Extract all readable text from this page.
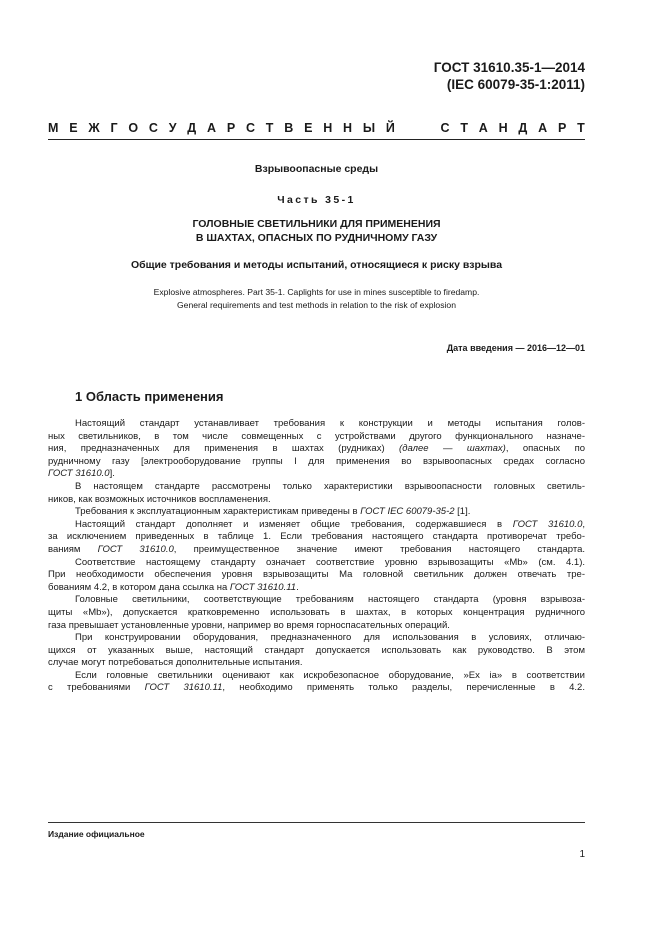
ГОСТ 31610.35-1—2014
(IEC 60079-35-1:2011)
М Е Ж Г О С У Д А Р С Т В Е Н Н Ы Й	С Т А Н Д А Р Т
Взрывоопасные среды
Часть 35-1
ГОЛОВНЫЕ СВЕТИЛЬНИКИ ДЛЯ ПРИМЕНЕНИЯ
В ШАХТАХ, ОПАСНЫХ ПО РУДНИЧНОМУ ГАЗУ
Общие требования и методы испытаний, относящиеся к риску взрыва
Explosive atmospheres. Part 35-1. Caplights for use in mines susceptible to firedamp.
General requirements and test methods in relation to the risk of explosion
Дата введения — 2016—12—01
1 Область применения
Настоящий стандарт устанавливает требования к конструкции и методы испытания голов-
ных светильников, в том числе совмещенных с устройствами другого функционального назначе-
ния, предназначенных для применения в шахтах (рудниках) (далее — шахтах), опасных по
рудничному газу [электрооборудование группы I для применения во взрывоопасных средах согласно
ГОСТ 31610.0].
В настоящем стандарте рассмотрены только характеристики взрывоопасности головных светиль-
ников, как возможных источников воспламенения.
Требования к эксплуатационным характеристикам приведены в ГОСТ IEC 60079-35-2 [1].
Настоящий стандарт дополняет и изменяет общие требования, содержавшиеся в ГОСТ 31610.0,
за исключением приведенных в таблице 1. Если требования настоящего стандарта противоречат требо-
ваниям ГОСТ 31610.0, преимущественное значение имеют требования настоящего стандарта.
Соответствие настоящему стандарту означает соответствие уровню взрывозащиты «Mb» (см. 4.1).
При необходимости обеспечения уровня взрывозащиты Ма головной светильник должен отвечать тре-
бованиям 4.2, в котором дана ссылка на ГОСТ 31610.11.
Головные светильники, соответствующие требованиям настоящего стандарта (уровня взрывоза-
щиты «Mb»), допускается кратковременно использовать в шахтах, в которых концентрация рудничного
газа превышает установленные уровни, например во время горноспасательных операций.
При конструировании оборудования, предназначенного для использования в условиях, отличаю-
щихся от указанных выше, настоящий стандарт допускается использовать как руководство. В этом
случае могут потребоваться дополнительные испытания.
Если головные светильники оценивают как искробезопасное оборудование, »Ex ia» в соответствии
с требованиями ГОСТ 31610.11, необходимо применять только разделы, перечисленные в 4.2.
Издание официальное
1
